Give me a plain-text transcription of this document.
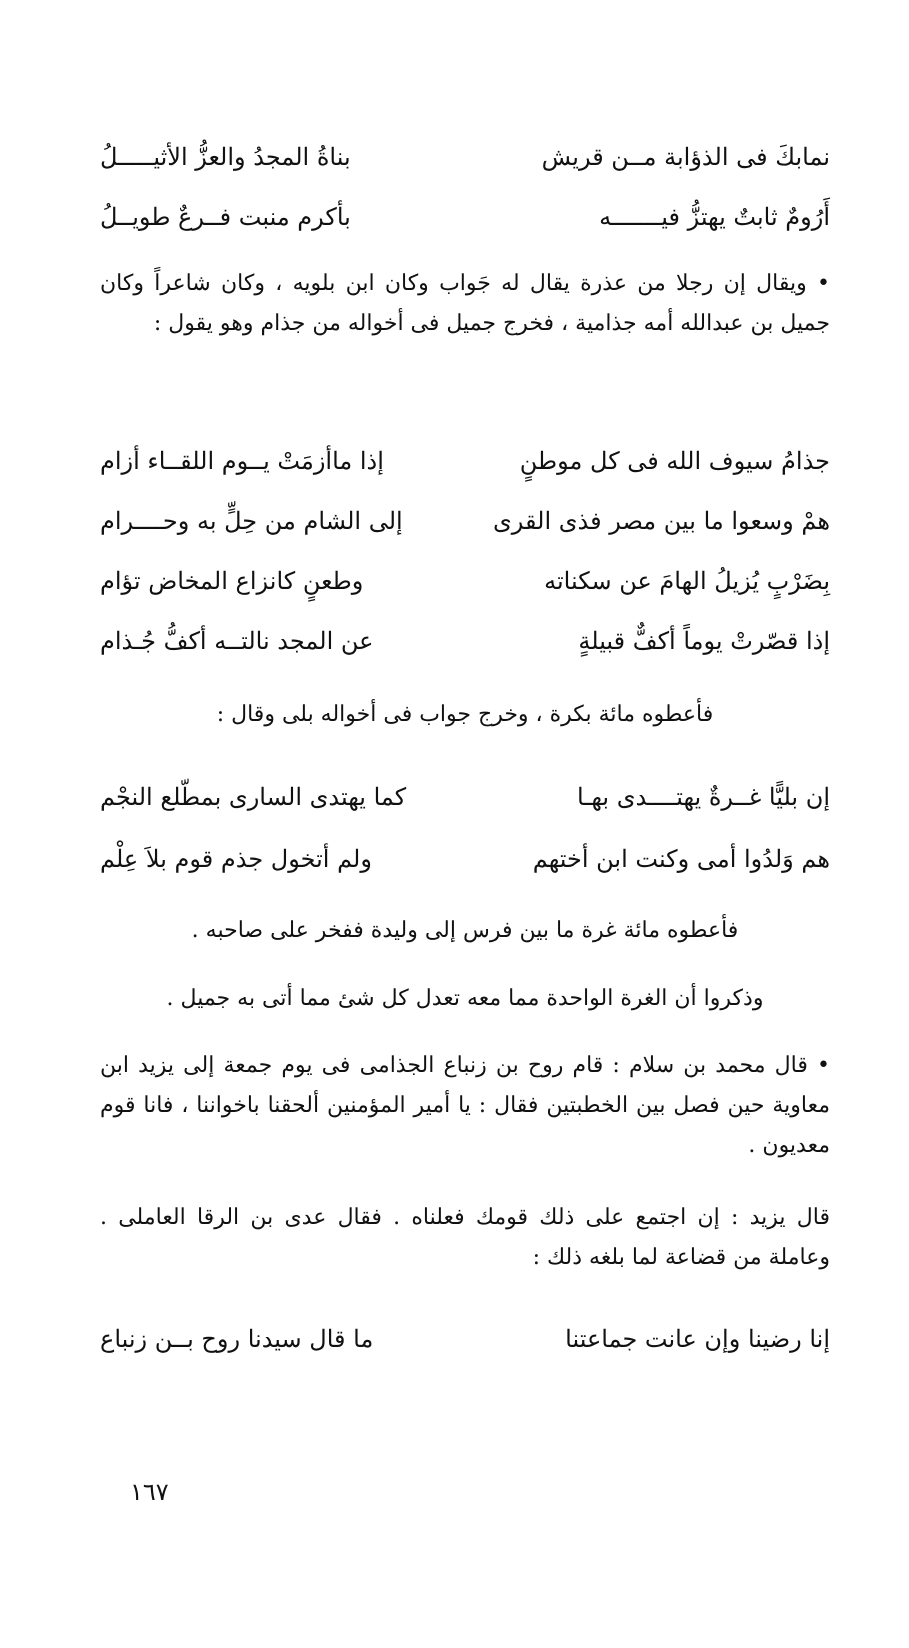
نمابكَ فى الذؤابة مــن قريش
بناةُ المجدُ والعزُّ الأثيـــــلُ
أَرُومٌ ثابتٌ يهتزُّ فيـــــــه
بأكرم منبت فــرعٌ طويــلُ

• ويقال إن رجلا من عذرة يقال له جَواب وكان ابن بلويه ، وكان شاعراً وكان جميل بن عبدالله أمه جذامية ، فخرج جميل فى أخواله من جذام وهو يقول :

جذامُ سيوف الله فى كل موطنٍ
إذا ماأزمَتْ يــوم اللقــاء أزام
همْ وسعوا ما بين مصر فذى القرى
إلى الشام من حِلٍّ به وحــــرام
بِضَرْبٍ يُزيلُ الهامَ عن سكناته
وطعنٍ كانزاع المخاض تؤام
إذا قصّرتْ يوماً أكفٌّ قبيلةٍ
عن المجد نالتــه أكفُّ جُـذام
فأعطوه مائة بكرة ، وخرج جواب فى أخواله بلى وقال :
إن بليًّا غــرةٌ يهتــــدى بهـا
كما يهتدى السارى بمطّلع النجْم
هم وَلدُوا أمى وكنت ابن أختهم
ولم أتخول جذم قوم بلاَ عِلْم
فأعطوه مائة غرة ما بين فرس إلى وليدة ففخر على صاحبه .
وذكروا أن الغرة الواحدة مما معه تعدل كل شئ مما أتى به جميل .

• قال محمد بن سلام : قام روح بن زنباع الجذامى فى يوم جمعة إلى يزيد ابن معاوية حين فصل بين الخطبتين فقال : يا أمير المؤمنين ألحقنا باخواننا ، فانا قوم معديون .

قال يزيد : إن اجتمع على ذلك قومك فعلناه . فقال عدى بن الرقا العاملى . وعاملة من قضاعة لما بلغه ذلك :

إنا رضينا وإن عانت جماعتنا
ما قال سيدنا روح بــن زنباع
١٦٧
